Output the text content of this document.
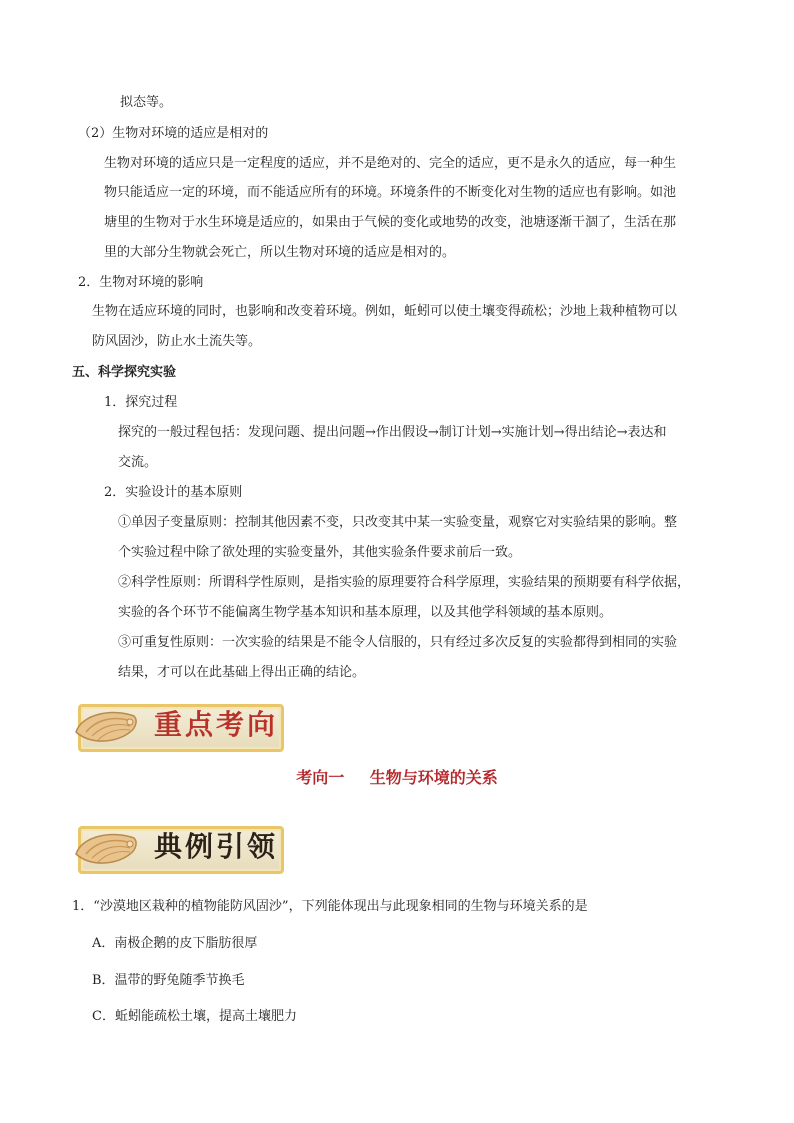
拟态等。
（2）生物对环境的适应是相对的
生物对环境的适应只是一定程度的适应，并不是绝对的、完全的适应，更不是永久的适应，每一种生
物只能适应一定的环境，而不能适应所有的环境。环境条件的不断变化对生物的适应也有影响。如池
塘里的生物对于水生环境是适应的，如果由于气候的变化或地势的改变，池塘逐渐干涸了，生活在那
里的大部分生物就会死亡，所以生物对环境的适应是相对的。
2．生物对环境的影响
生物在适应环境的同时，也影响和改变着环境。例如，蚯蚓可以使土壤变得疏松；沙地上栽种植物可以
防风固沙，防止水土流失等。
五、科学探究实验
1．探究过程
探究的一般过程包括：发现问题、提出问题→作出假设→制订计划→实施计划→得出结论→表达和
交流。
2．实验设计的基本原则
①单因子变量原则：控制其他因素不变，只改变其中某一实验变量，观察它对实验结果的影响。整
个实验过程中除了欲处理的实验变量外，其他实验条件要求前后一致。
②科学性原则：所谓科学性原则，是指实验的原理要符合科学原理，实验结果的预期要有科学依据，
实验的各个环节不能偏离生物学基本知识和基本原理，以及其他学科领域的基本原则。
③可重复性原则：一次实验的结果是不能令人信服的，只有经过多次反复的实验都得到相同的实验
结果，才可以在此基础上得出正确的结论。
重点考向
考向一 生物与环境的关系
典例引领
1．“沙漠地区栽种的植物能防风固沙”，下列能体现出与此现象相同的生物与环境关系的是
A．南极企鹅的皮下脂肪很厚
B．温带的野兔随季节换毛
C．蚯蚓能疏松土壤，提高土壤肥力
